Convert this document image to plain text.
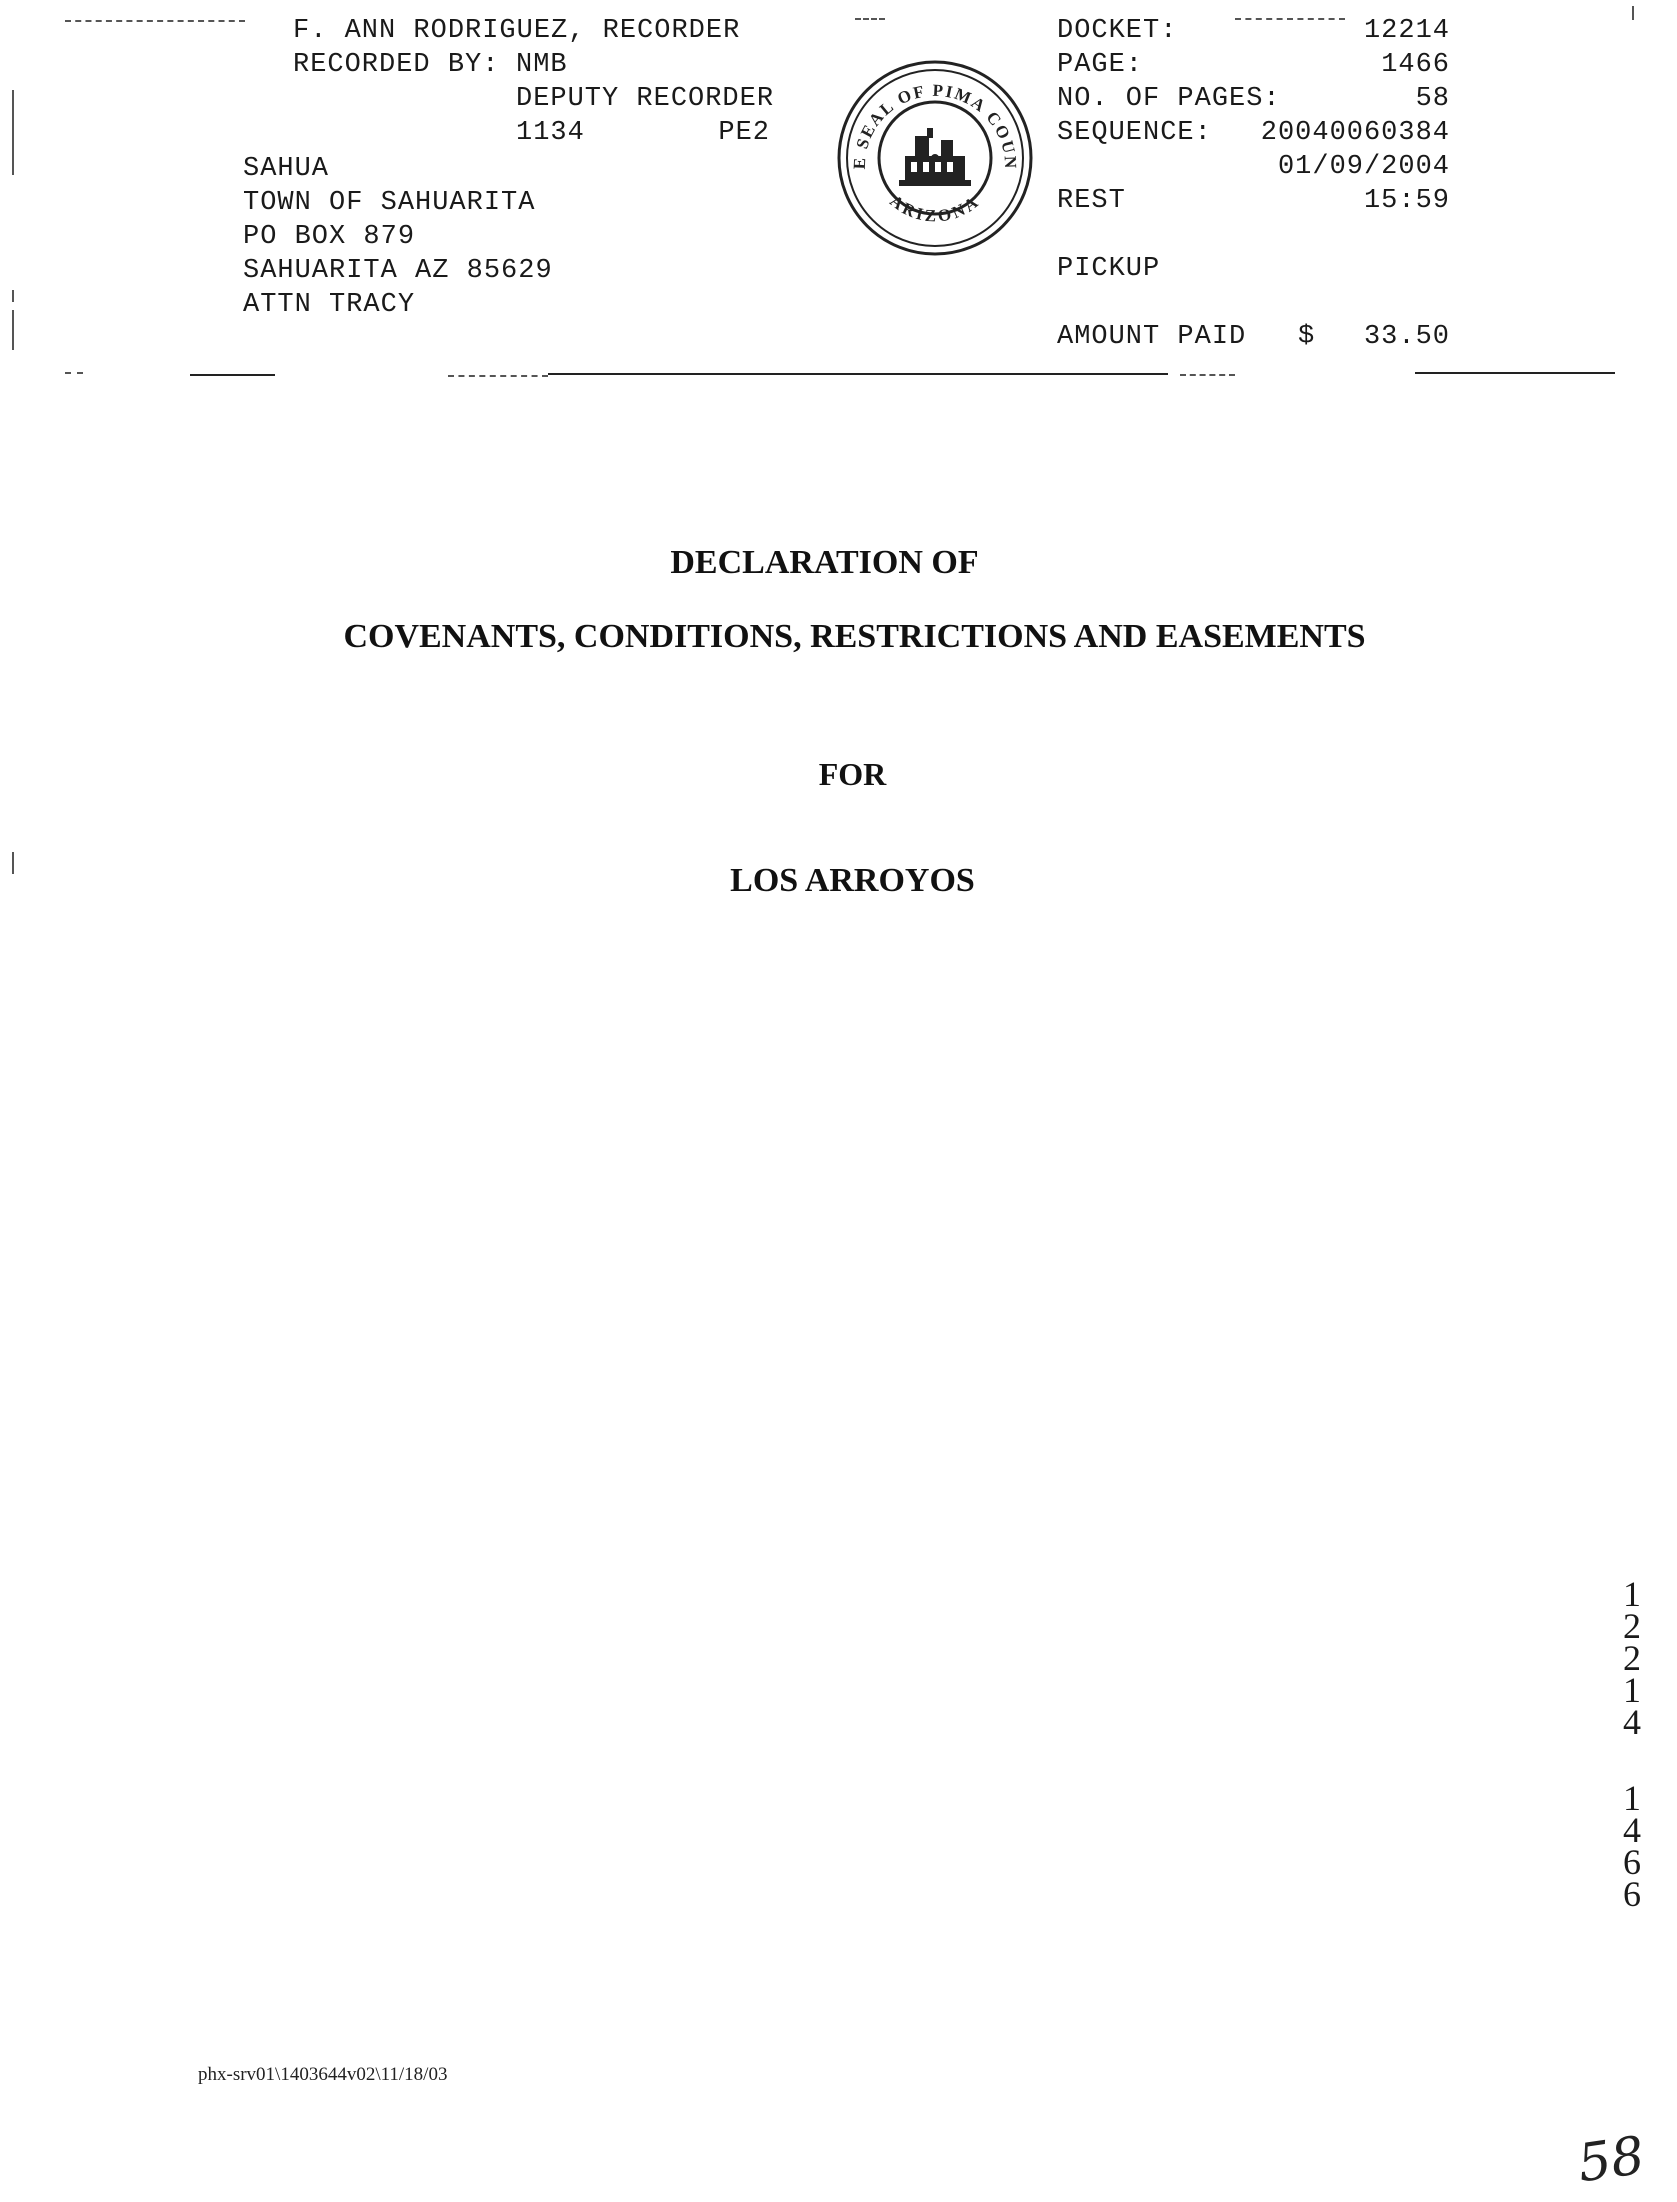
F. ANN RODRIGUEZ, RECORDER
RECORDED BY: NMB
DEPUTY RECORDER
1134	PE2
SAHUA
TOWN OF SAHUARITA
PO BOX 879
SAHUARITA AZ 85629
ATTN TRACY
E SEAL OF PIMA COUN
ARIZONA
DOCKET:
PAGE:
NO. OF PAGES:
SEQUENCE:
REST
PICKUP
AMOUNT PAID $
12214
1466
58
20040060384
01/09/2004
15:59
33.50
DECLARATION OF
COVENANTS, CONDITIONS, RESTRICTIONS AND EASEMENTS
FOR
LOS ARROYOS
1
2
2
1
4
1
4
6
6
phx-srv01\1403644v02\11/18/03
58
